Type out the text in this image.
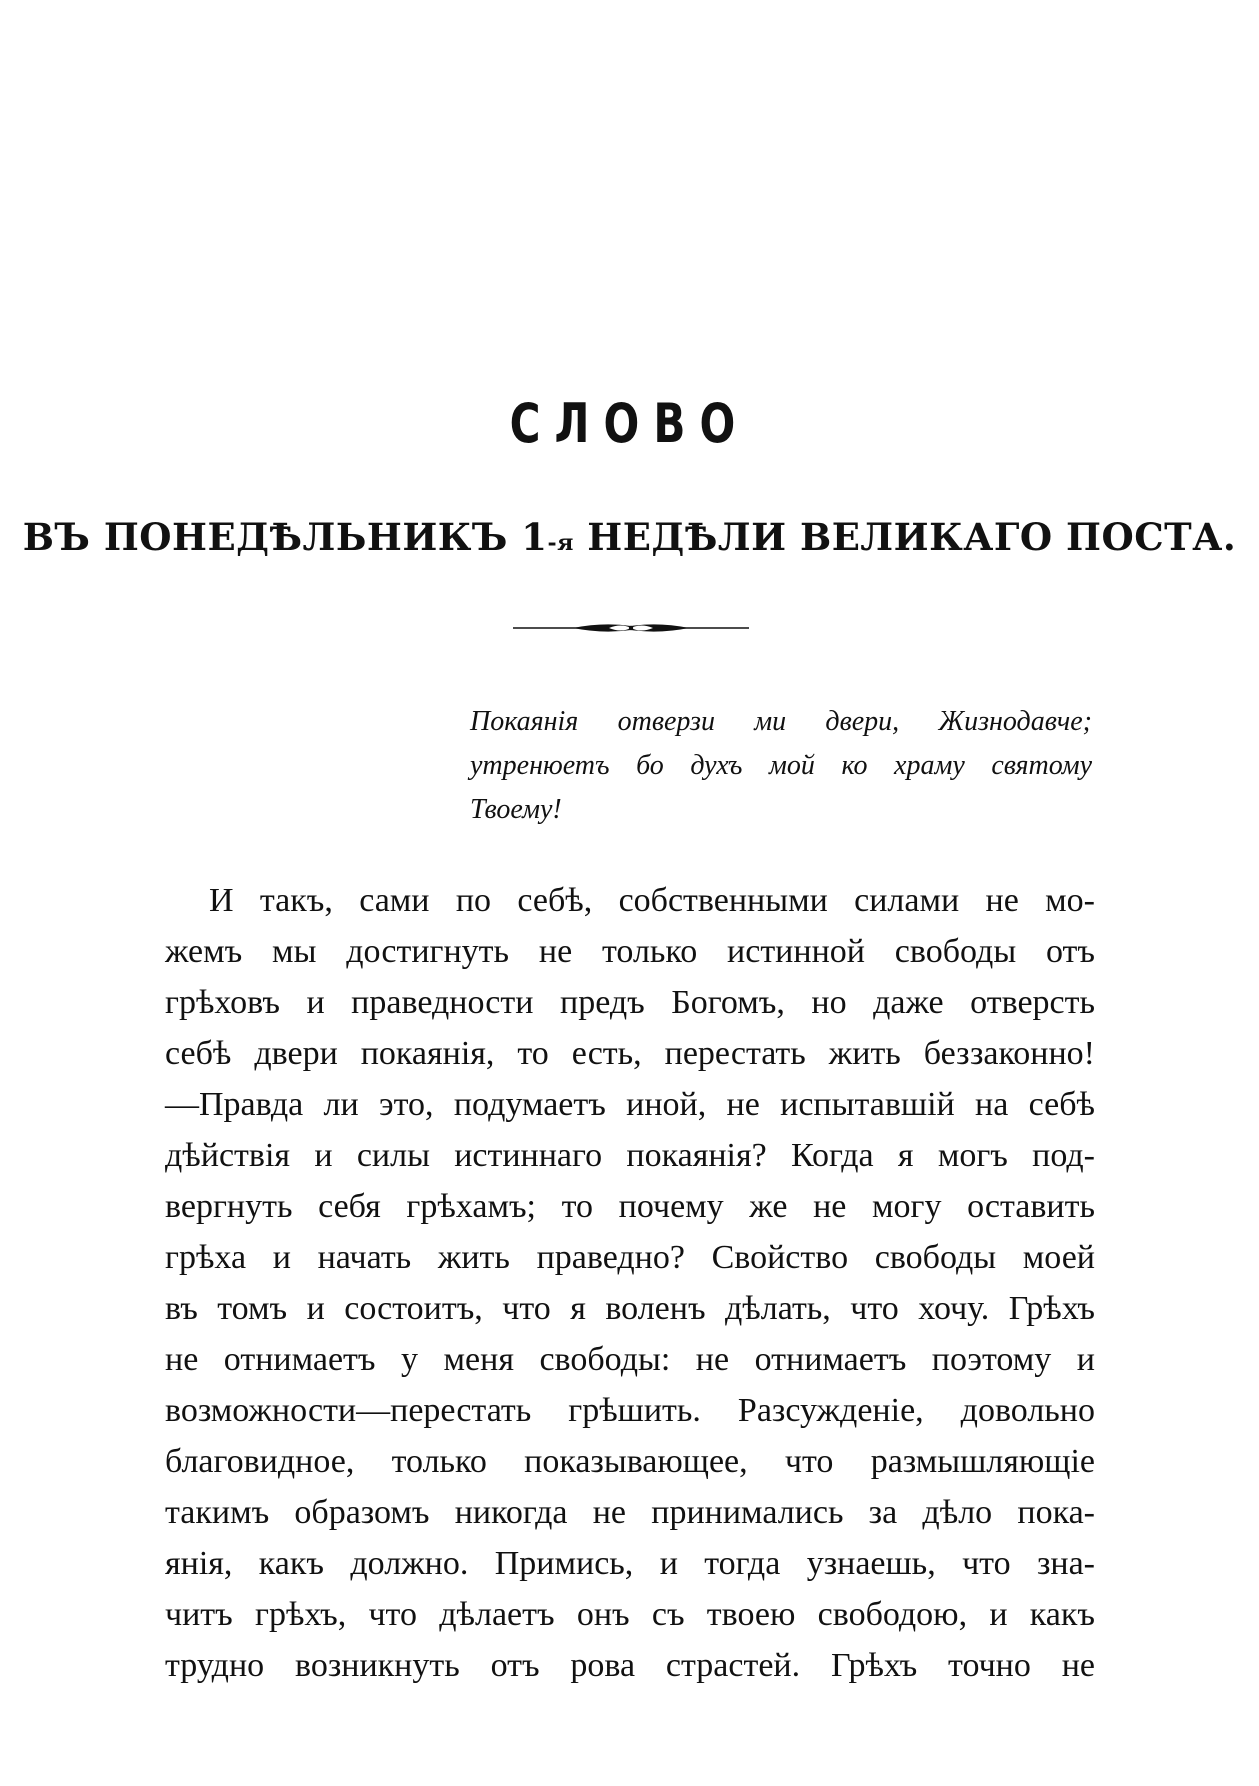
СЛОВО
ВЪ ПОНЕДѢЛЬНИКЪ 1-я НЕДѢЛИ ВЕЛИКАГО ПОСТА.
Покаянія отверзи ми двери, Жизнодавче;
утренюетъ бо духъ мой ко храму святому
Твоему!
И такъ, сами по себѣ, собственными силами не мо-
жемъ мы достигнуть не только истинной свободы отъ
грѣховъ и праведности предъ Богомъ, но даже отверсть
себѣ двери покаянія, то есть, перестать жить беззаконно!
—Правда ли это, подумаетъ иной, не испытавшій на себѣ
дѣйствія и силы истиннаго покаянія? Когда я могъ под-
вергнуть себя грѣхамъ; то почему же не могу оставить
грѣха и начать жить праведно? Свойство свободы моей
въ томъ и состоитъ, что я воленъ дѣлать, что хочу. Грѣхъ
не отнимаетъ у меня свободы: не отнимаетъ поэтому и
возможности—перестать грѣшить. Разсужденіе, довольно
благовидное, только показывающее, что размышляющіе
такимъ образомъ никогда не принимались за дѣло пока-
янія, какъ должно. Примись, и тогда узнаешь, что зна-
читъ грѣхъ, что дѣлаетъ онъ съ твоею свободою, и какъ
трудно возникнуть отъ рова страстей. Грѣхъ точно не
